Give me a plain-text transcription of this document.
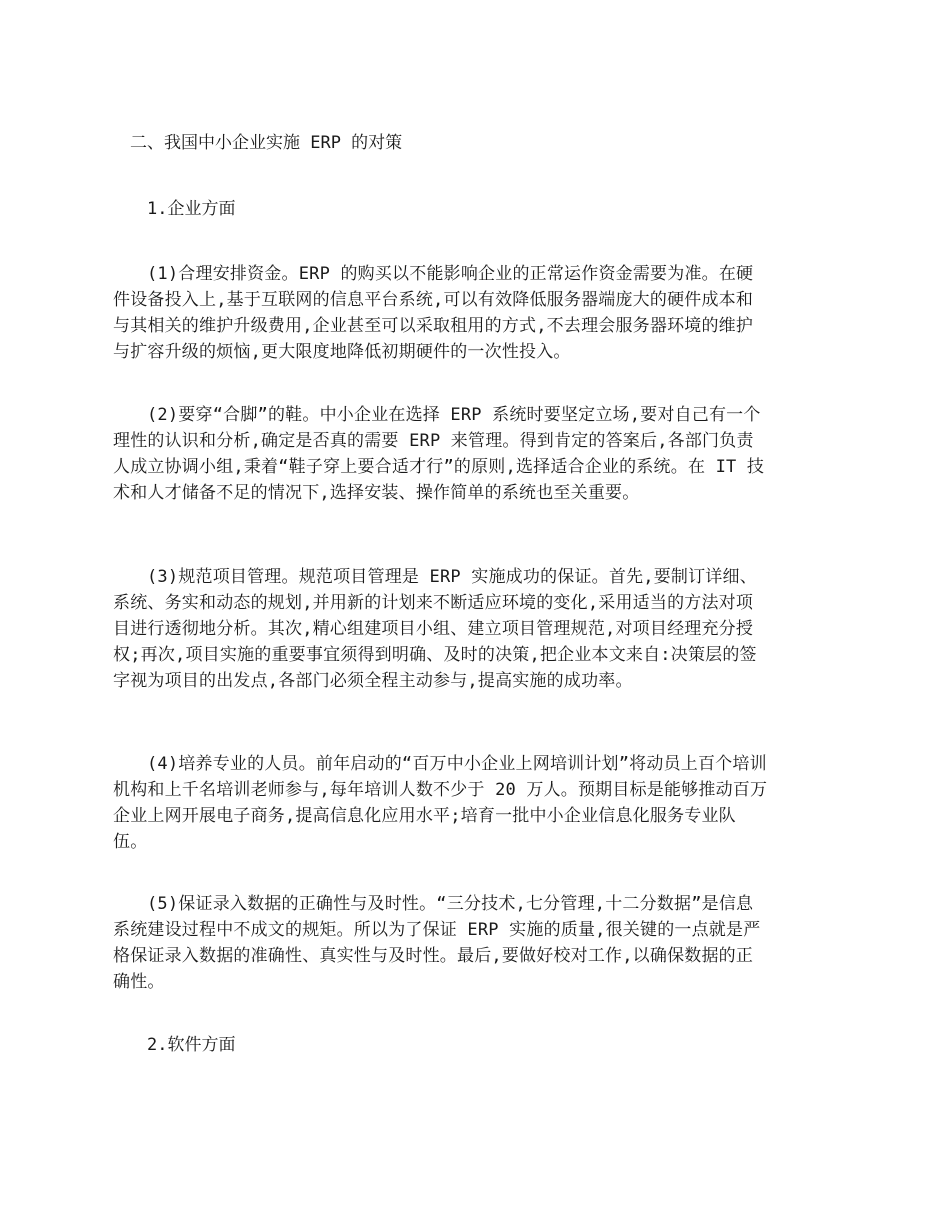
二、我国中小企业实施 ERP 的对策
1.企业方面
(1)合理安排资金。ERP 的购买以不能影响企业的正常运作资金需要为准。在硬件设备投入上,基于互联网的信息平台系统,可以有效降低服务器端庞大的硬件成本和与其相关的维护升级费用,企业甚至可以采取租用的方式,不去理会服务器环境的维护与扩容升级的烦恼,更大限度地降低初期硬件的一次性投入。
(2)要穿“合脚”的鞋。中小企业在选择 ERP 系统时要坚定立场,要对自己有一个理性的认识和分析,确定是否真的需要 ERP 来管理。得到肯定的答案后,各部门负责人成立协调小组,秉着“鞋子穿上要合适才行”的原则,选择适合企业的系统。在 IT 技术和人才储备不足的情况下,选择安装、操作简单的系统也至关重要。
(3)规范项目管理。规范项目管理是 ERP 实施成功的保证。首先,要制订详细、系统、务实和动态的规划,并用新的计划来不断适应环境的变化,采用适当的方法对项目进行透彻地分析。其次,精心组建项目小组、建立项目管理规范,对项目经理充分授权;再次,项目实施的重要事宜须得到明确、及时的决策,把企业本文来自:决策层的签字视为项目的出发点,各部门必须全程主动参与,提高实施的成功率。
(4)培养专业的人员。前年启动的“百万中小企业上网培训计划”将动员上百个培训机构和上千名培训老师参与,每年培训人数不少于 20 万人。预期目标是能够推动百万企业上网开展电子商务,提高信息化应用水平;培育一批中小企业信息化服务专业队伍。
(5)保证录入数据的正确性与及时性。“三分技术,七分管理,十二分数据”是信息系统建设过程中不成文的规矩。所以为了保证 ERP 实施的质量,很关键的一点就是严格保证录入数据的准确性、真实性与及时性。最后,要做好校对工作,以确保数据的正确性。
2.软件方面
